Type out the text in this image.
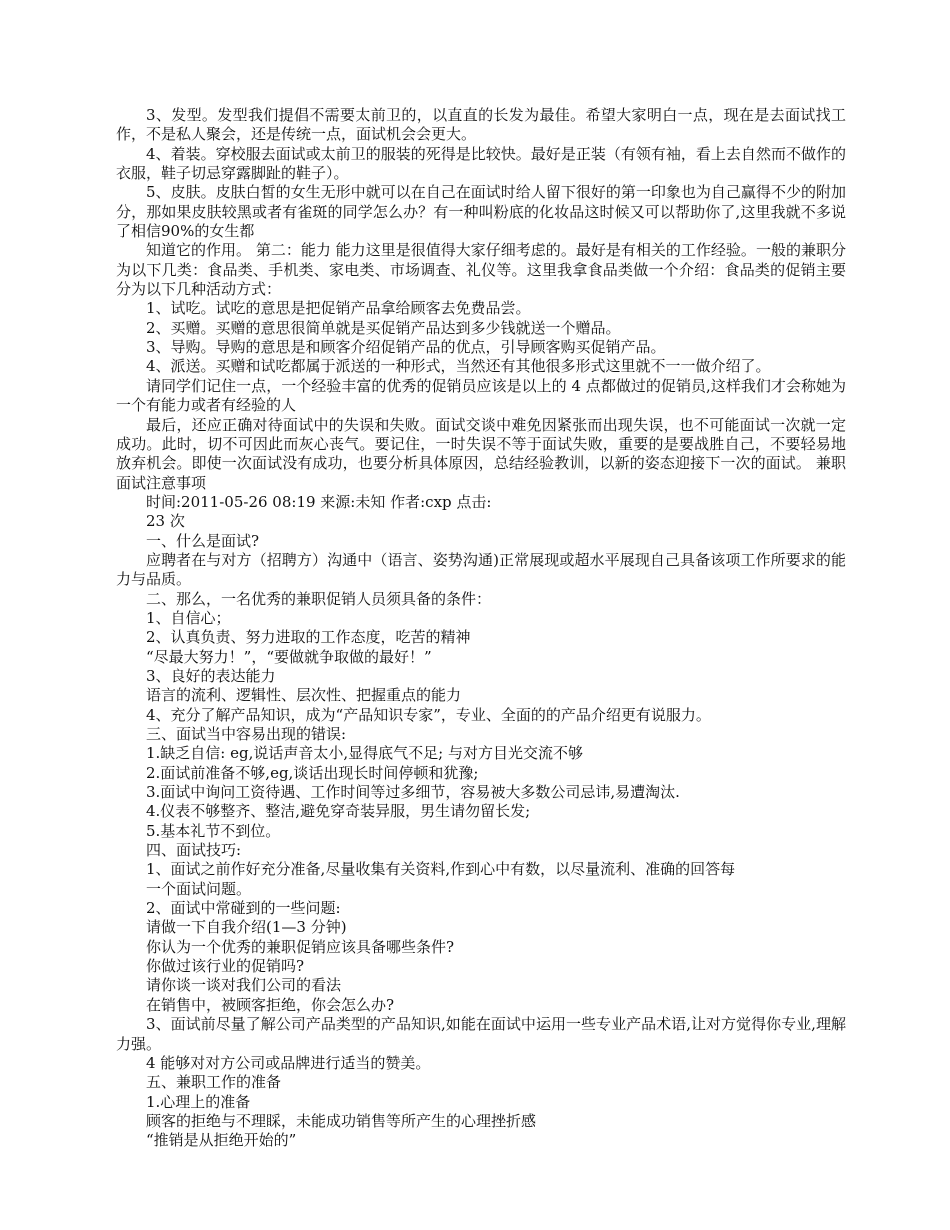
3、发型。发型我们提倡不需要太前卫的，以直直的长发为最佳。希望大家明白一点，现在是去面试找工作，不是私人聚会，还是传统一点，面试机会会更大。

4、着装。穿校服去面试或太前卫的服装的死得是比较快。最好是正装（有领有袖，看上去自然而不做作的衣服，鞋子切忌穿露脚趾的鞋子）。

5、皮肤。皮肤白皙的女生无形中就可以在自己在面试时给人留下很好的第一印象也为自己赢得不少的附加分，那如果皮肤较黑或者有雀斑的同学怎么办？有一种叫粉底的化妆品这时候又可以帮助你了,这里我就不多说了相信90%的女生都

知道它的作用。 第二：能力 能力这里是很值得大家仔细考虑的。最好是有相关的工作经验。一般的兼职分为以下几类：食品类、手机类、家电类、市场调查、礼仪等。这里我拿食品类做一个介绍：食品类的促销主要分为以下几种活动方式：

1、试吃。试吃的意思是把促销产品拿给顾客去免费品尝。

2、买赠。买赠的意思很简单就是买促销产品达到多少钱就送一个赠品。

3、导购。导购的意思是和顾客介绍促销产品的优点，引导顾客购买促销产品。

4、派送。买赠和试吃都属于派送的一种形式，当然还有其他很多形式这里就不一一做介绍了。

请同学们记住一点，一个经验丰富的优秀的促销员应该是以上的 4 点都做过的促销员,这样我们才会称她为一个有能力或者有经验的人

最后，还应正确对待面试中的失误和失败。面试交谈中难免因紧张而出现失误，也不可能面试一次就一定成功。此时，切不可因此而灰心丧气。要记住，一时失误不等于面试失败，重要的是要战胜自己，不要轻易地放弃机会。即使一次面试没有成功，也要分析具体原因，总结经验教训，以新的姿态迎接下一次的面试。 兼职面试注意事项

时间:2011-05-26 08:19 来源:未知 作者:cxp 点击:

23 次

一、什么是面试?

应聘者在与对方（招聘方）沟通中（语言、姿势沟通)正常展现或超水平展现自己具备该项工作所要求的能力与品质。

二、那么，一名优秀的兼职促销人员须具备的条件：

1、自信心；

2、认真负责、努力进取的工作态度，吃苦的精神

“尽最大努力！”，“要做就争取做的最好！”

3、良好的表达能力

语言的流利、逻辑性、层次性、把握重点的能力

4、充分了解产品知识，成为“产品知识专家”，专业、全面的的产品介绍更有说服力。

三、面试当中容易出现的错误:

1.缺乏自信: eg,说话声音太小,显得底气不足; 与对方目光交流不够

2.面试前准备不够,eg,谈话出现长时间停顿和犹豫;

3.面试中询问工资待遇、工作时间等过多细节，容易被大多数公司忌讳,易遭淘汰.

4.仪表不够整齐、整洁,避免穿奇装异服，男生请勿留长发;

5.基本礼节不到位。

四、面试技巧:

1、面试之前作好充分准备,尽量收集有关资料,作到心中有数，以尽量流利、准确的回答每

一个面试问题。

2、面试中常碰到的一些问题:

请做一下自我介绍(1—3 分钟)

你认为一个优秀的兼职促销应该具备哪些条件?

你做过该行业的促销吗?

请你谈一谈对我们公司的看法

在销售中，被顾客拒绝，你会怎么办?

3、面试前尽量了解公司产品类型的产品知识,如能在面试中运用一些专业产品术语,让对方觉得你专业,理解力强。

4 能够对对方公司或品牌进行适当的赞美。

五、兼职工作的准备

1.心理上的准备

顾客的拒绝与不理睬，未能成功销售等所产生的心理挫折感

“推销是从拒绝开始的”
